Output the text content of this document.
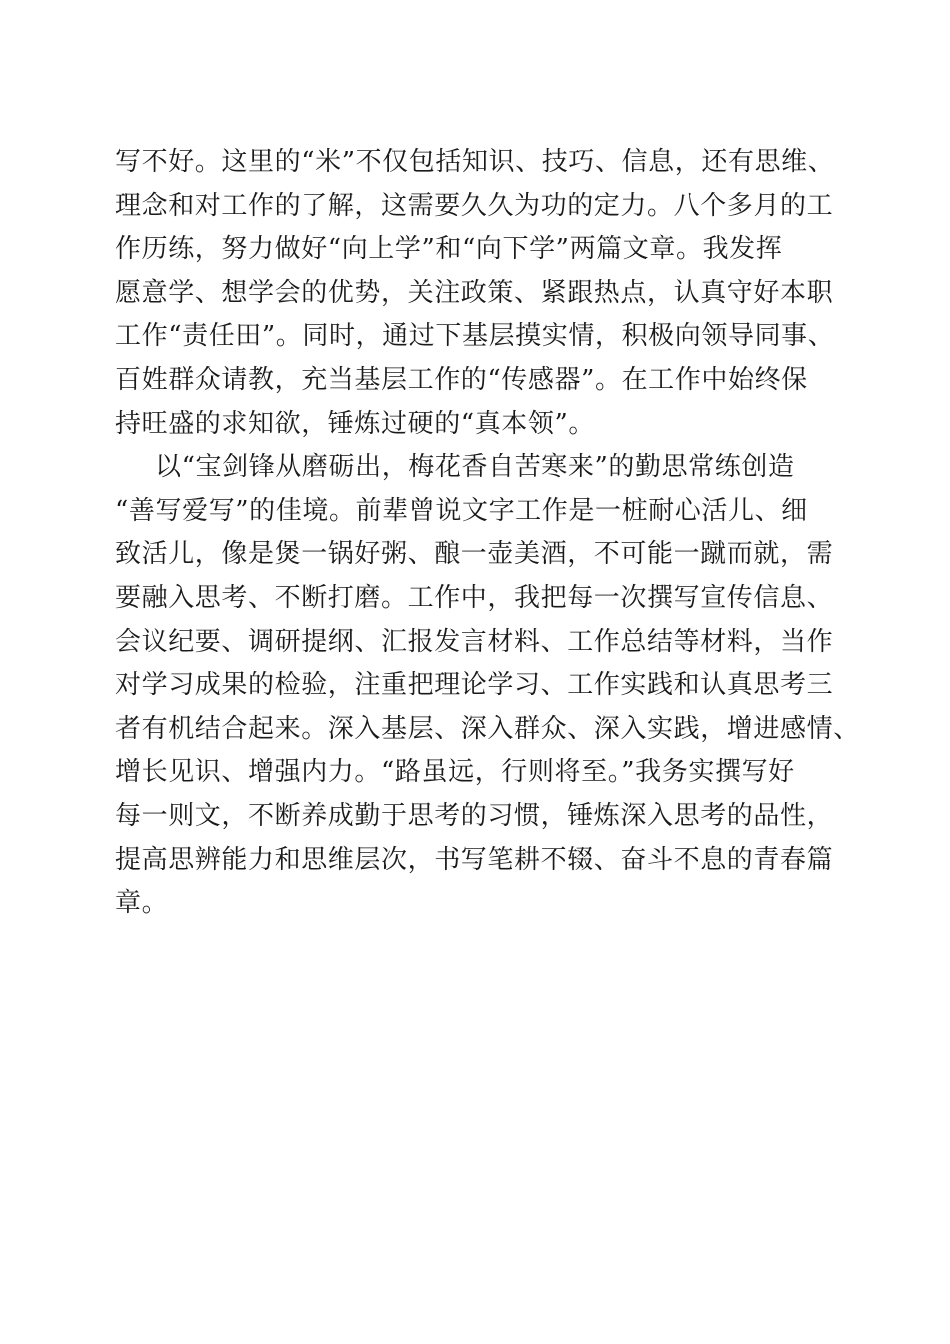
写不好。这里的“米”不仅包括知识、技巧、信息，还有思维、
理念和对工作的了解，这需要久久为功的定力。八个多月的工
作历练，努力做好“向上学”和“向下学”两篇文章。我发挥
愿意学、想学会的优势，关注政策、紧跟热点，认真守好本职
工作“责任田”。同时，通过下基层摸实情，积极向领导同事、
百姓群众请教，充当基层工作的“传感器”。在工作中始终保
持旺盛的求知欲，锤炼过硬的“真本领”。
以“宝剑锋从磨砺出，梅花香自苦寒来”的勤思常练创造
“善写爱写”的佳境。前辈曾说文字工作是一桩耐心活儿、细
致活儿，像是煲一锅好粥、酿一壶美酒，不可能一蹴而就，需
要融入思考、不断打磨。工作中，我把每一次撰写宣传信息、
会议纪要、调研提纲、汇报发言材料、工作总结等材料，当作
对学习成果的检验，注重把理论学习、工作实践和认真思考三
者有机结合起来。深入基层、深入群众、深入实践，增进感情、
增长见识、增强内力。“路虽远，行则将至。”我务实撰写好
每一则文，不断养成勤于思考的习惯，锤炼深入思考的品性，
提高思辨能力和思维层次，书写笔耕不辍、奋斗不息的青春篇
章。
